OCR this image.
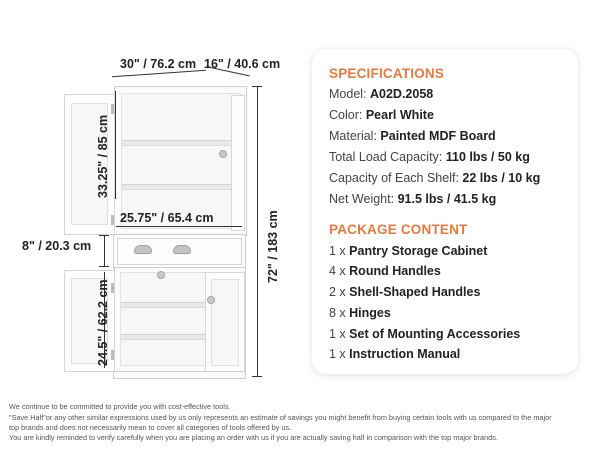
30" / 76.2 cm 16" / 40.6 cm
33.25" / 85 cm
25.75" / 65.4 cm
8" / 20.3 cm
24.5" / 62.2 cm
72" / 183 cm
SPECIFICATIONS
Model: A02D.2058
Color: Pearl White
Material: Painted MDF Board
Total Load Capacity: 110 lbs / 50 kg
Capacity of Each Shelf: 22 lbs / 10 kg
Net Weight: 91.5 lbs / 41.5 kg
PACKAGE CONTENT
1 x Pantry Storage Cabinet
4 x Round Handles
2 x Shell-Shaped Handles
8 x Hinges
1 x Set of Mounting Accessories
1 x Instruction Manual
We continue to be committed to provide you with cost-effective tools.
"Save Half"or any other similar expressions used by us only represents an estimate of savings you might benefit from buying certain tools with us compared to the major
top brands and does not necessarily mean to cover all categories of tools offered by us.
You are kindly reminded to verify carefully when you are placing an order with us if you are actually saving half in comparison with the top major brands.
